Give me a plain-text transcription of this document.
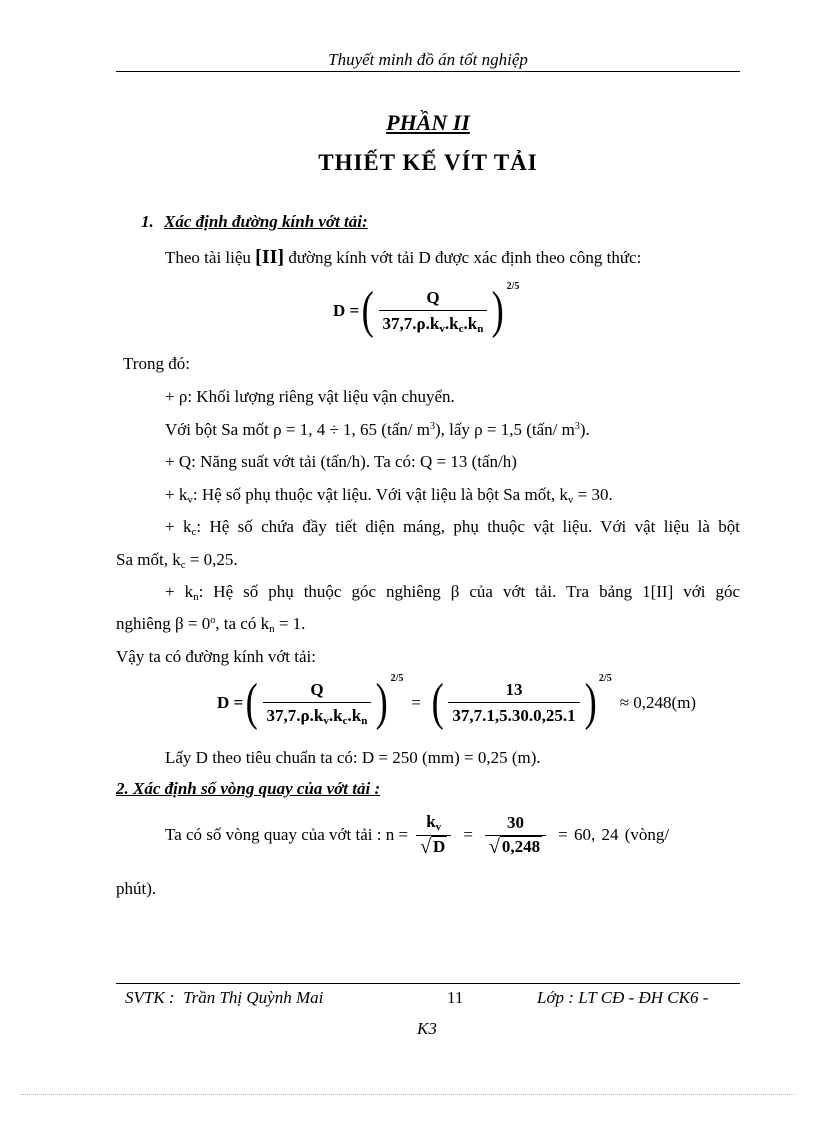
Thuyết minh đồ án tốt nghiệp
PHẦN II
THIẾT KẾ VÍT TẢI
1. Xác định đường kính vớt tải:
Theo tài liệu [II] đường kính vớt tải D được xác định theo công thức:
D = ( $\frac{Q}{37,7.\rho.k_v.k_c.k_n}$ ) 2/5
Trong đó:
+ ρ: Khối lượng riêng vật liệu vận chuyển.
Với bột Sa mốt ρ = 1, 4 ÷ 1, 65 (tấn/ $m^3$), lấy ρ = 1,5 (tấn/ $m^3$).
+ Q: Năng suất vớt tải (tấn/h). Ta có: Q = 13 (tấn/h)
+ $k_v$: Hệ số phụ thuộc vật liệu. Với vật liệu là bột Sa mốt, $k_v = 30$.
+ $k_c$: Hệ số chứa đầy tiết diện máng, phụ thuộc vật liệu. Với vật liệu là bột
Sa mốt, $k_c = 0,25$.
+ $k_n$: Hệ số phụ thuộc góc nghiêng β của vớt tải. Tra bảng 1[II] với góc
nghiêng $\beta = 0^o$, ta có $k_n = 1$.
Vậy ta có đường kính vớt tải:
D = ( $\frac{Q}{37,7.\rho.k_v.k_c.k_n}$ ) 2/5
= ( $\frac{13}{37,7.1,5.30.0,25.1}$ ) 2/5
≈ 0,248(m)
Lấy D theo tiêu chuẩn ta có: D = 250 (mm) = 0,25 (m).
2. Xác định số vòng quay của vớt tải :
Ta có số vòng quay của vớt tải : $n = \frac{k_v}{√ D} = \frac{30}{√ 0,248} = 60$, 24 (vòng/
phút).
SVTK :  Trần Thị Quỳnh Mai	11	Lớp : LT CĐ - ĐH CK6 -
K3
